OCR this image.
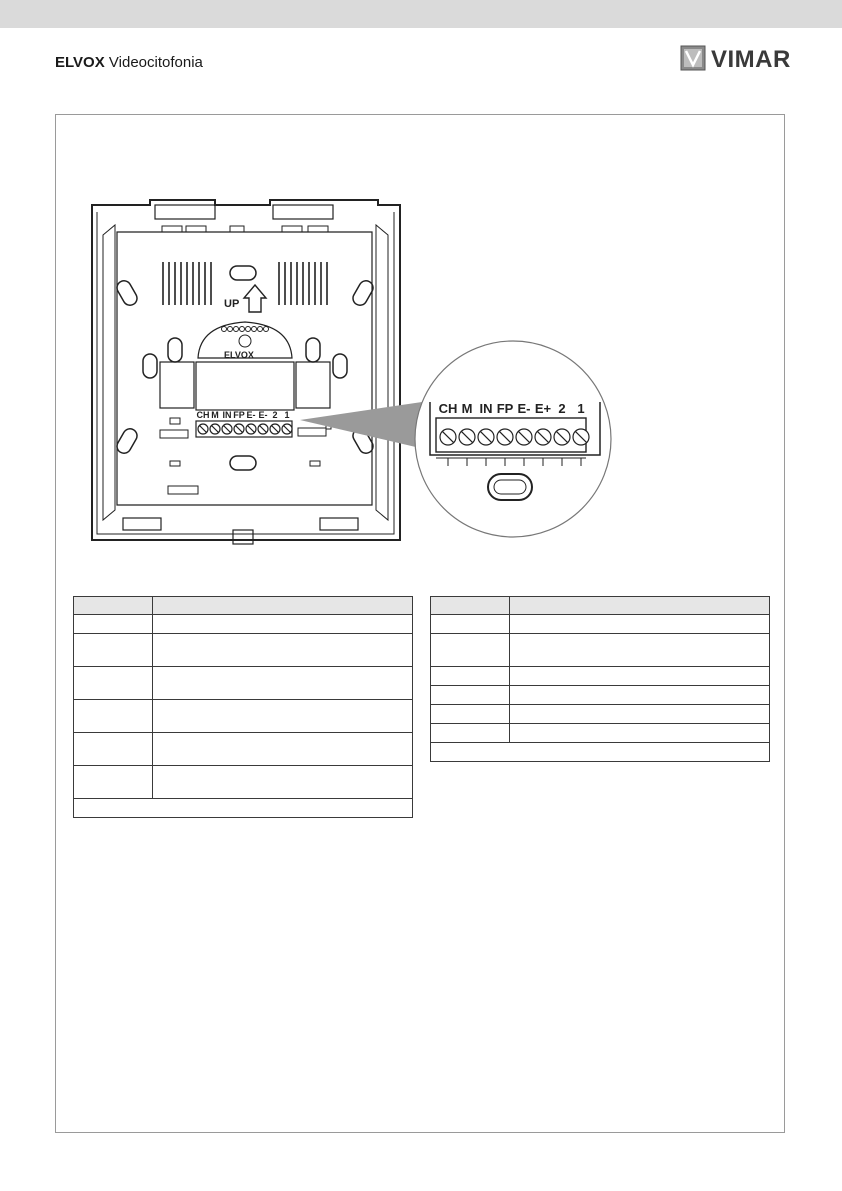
ELVOX Videocitofonia	VIMAR
UP
ELVOX
CH M IN FP E- E- 2 1	CH M IN FP E- E+ 2 1
